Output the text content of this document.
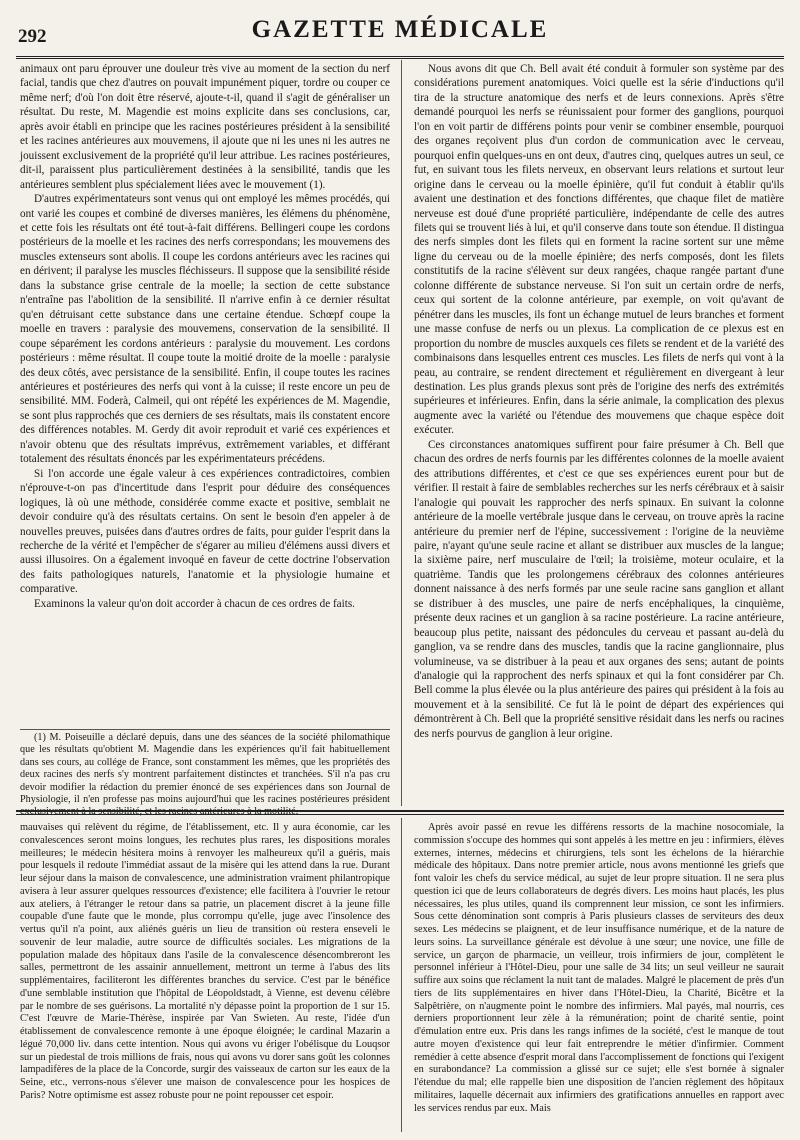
292	GAZETTE MÉDICALE

animaux ont paru éprouver une douleur très vive au moment de la section du nerf facial, tandis que chez d'autres on pouvait impunément piquer, tordre ou couper ce même nerf; d'où l'on doit être réservé, ajoute-t-il, quand il s'agit de généraliser un résultat. Du reste, M. Magendie est moins explicite dans ses conclusions, car, après avoir établi en principe que les racines postérieures président à la sensibilité et les racines antérieures aux mouvemens, il ajoute que ni les unes ni les autres ne jouissent exclusivement de la propriété qu'il leur attribue. Les racines postérieures, dit-il, paraissent plus particulièrement destinées à la sensibilité, tandis que les antérieures semblent plus spécialement liées avec le mouvement (1).

D'autres expérimentateurs sont venus qui ont employé les mêmes procédés, qui ont varié les coupes et combiné de diverses manières, les élémens du phénomène, et cette fois les résultats ont été tout-à-fait différens. Bellingeri coupe les cordons postérieurs de la moelle et les racines des nerfs correspondans; les mouvemens des muscles extenseurs sont abolis. Il coupe les cordons antérieurs avec les racines qui en dérivent; il paralyse les muscles fléchisseurs. Il suppose que la sensibilité réside dans la substance grise centrale de la moelle; la section de cette substance n'entraîne pas l'abolition de la sensibilité. Il n'arrive enfin à ce dernier résultat qu'en détruisant cette substance dans une certaine étendue. Schœpf coupe la moelle en travers : paralysie des mouvemens, conservation de la sensibilité. Il coupe séparément les cordons antérieurs : paralysie du mouvement. Les cordons postérieurs : même résultat. Il coupe toute la moitié droite de la moelle : paralysie des deux côtés, avec persistance de la sensibilité. Enfin, il coupe toutes les racines antérieures et postérieures des nerfs qui vont à la cuisse; il reste encore un peu de sensibilité. MM. Foderà, Calmeil, qui ont répété les expériences de M. Magendie, se sont plus rapprochés que ces derniers de ses résultats, mais ils constatent encore des différences notables. M. Gerdy dit avoir reproduit et varié ces expériences et n'avoir obtenu que des résultats imprévus, extrêmement variables, et différant totalement des résultats énoncés par les expérimentateurs précédens.

Si l'on accorde une égale valeur à ces expériences contradictoires, combien n'éprouve-t-on pas d'incertitude dans l'esprit pour déduire des conséquences logiques, là où une méthode, considérée comme exacte et positive, semblait ne devoir conduire qu'à des résultats certains. On sent le besoin d'en appeler à de nouvelles preuves, puisées dans d'autres ordres de faits, pour guider l'esprit dans la recherche de la vérité et l'empêcher de s'égarer au milieu d'élémens aussi divers et aussi illusoires. On a également invoqué en faveur de cette doctrine l'observation des faits pathologiques naturels, l'anatomie et la physiologie humaine et comparative.

Examinons la valeur qu'on doit accorder à chacun de ces ordres de faits.

(1) M. Poiseuille a déclaré depuis, dans une des séances de la société philomathique que les résultats qu'obtient M. Magendie dans les expériences qu'il fait habituellement dans ses cours, au collége de France, sont constamment les mêmes, que les propriétés des deux racines des nerfs s'y montrent parfaitement distinctes et tranchées. S'il n'a pas cru devoir modifier la rédaction du premier énoncé de ses expériences dans son Journal de Physiologie, il n'en professe pas moins aujourd'hui que les racines postérieures président exclusivement à la sensibilité, et les racines antérieures à la motilité.

Nous avons dit que Ch. Bell avait été conduit à formuler son système par des considérations purement anatomiques. Voici quelle est la série d'inductions qu'il tira de la structure anatomique des nerfs et de leurs connexions. Après s'être demandé pourquoi les nerfs se réunissaient pour former des ganglions, pourquoi l'on en voit partir de différens points pour venir se combiner ensemble, pourquoi des organes reçoivent plus d'un cordon de communication avec le cerveau, pourquoi enfin quelques-uns en ont deux, d'autres cinq, quelques autres un seul, ce fut, en suivant tous les filets nerveux, en observant leurs relations et surtout leur origine dans le cerveau ou la moelle épinière, qu'il fut conduit à établir qu'ils avaient une destination et des fonctions différentes, que chaque filet de matière nerveuse est doué d'une propriété particulière, indépendante de celle des autres filets qui se trouvent liés à lui, et qu'il conserve dans toute son étendue. Il distingua des nerfs simples dont les filets qui en forment la racine sortent sur une même ligne du cerveau ou de la moelle épinière; des nerfs composés, dont les filets constitutifs de la racine s'élèvent sur deux rangées, chaque rangée partant d'une colonne différente de substance nerveuse. Si l'on suit un certain ordre de nerfs, ceux qui sortent de la colonne antérieure, par exemple, on voit qu'avant de pénétrer dans les muscles, ils font un échange mutuel de leurs branches et forment une masse confuse de nerfs ou un plexus. La complication de ce plexus est en proportion du nombre de muscles auxquels ces filets se rendent et de la variété des combinaisons dans lesquelles entrent ces muscles. Les filets de nerfs qui vont à la peau, au contraire, se rendent directement et régulièrement en divergeant à leur destination. Les plus grands plexus sont près de l'origine des nerfs des extrémités supérieures et inférieures. Enfin, dans la série animale, la complication des plexus augmente avec la variété ou l'étendue des mouvemens que chaque espèce doit exécuter.

Ces circonstances anatomiques suffirent pour faire présumer à Ch. Bell que chacun des ordres de nerfs fournis par les différentes colonnes de la moelle avaient des attributions différentes, et c'est ce que ses expériences eurent pour but de vérifier. Il restait à faire de semblables recherches sur les nerfs cérébraux et à saisir l'analogie qui pouvait les rapprocher des nerfs spinaux. En suivant la colonne antérieure de la moelle vertébrale jusque dans le cerveau, on trouve après la racine antérieure du premier nerf de l'épine, successivement : l'origine de la neuvième paire, n'ayant qu'une seule racine et allant se distribuer aux muscles de la langue; la sixième paire, nerf musculaire de l'œil; la troisième, moteur oculaire, et la quatrième. Tandis que les prolongemens cérébraux des colonnes antérieures donnent naissance à des nerfs formés par une seule racine sans ganglion et allant se distribuer à des muscles, une paire de nerfs encéphaliques, la cinquième, présente deux racines et un ganglion à sa racine postérieure. La racine antérieure, beaucoup plus petite, naissant des pédoncules du cerveau et passant au-delà du ganglion, va se rendre dans des muscles, tandis que la racine ganglionnaire, plus volumineuse, va se distribuer à la peau et aux organes des sens; autant de points d'analogie qui la rapprochent des nerfs spinaux et qui la font considérer par Ch. Bell comme la plus élevée ou la plus antérieure des paires qui président à la fois au mouvement et à la sensibilité. Ce fut là le point de départ des expériences qui démontrèrent à Ch. Bell que la propriété sensitive résidait dans les nerfs ou racines des nerfs pourvus de ganglion à leur origine.

mauvaises qui relèvent du régime, de l'établissement, etc. Il y aura économie, car les convalescences seront moins longues, les rechutes plus rares, les dispositions morales meilleures; le médecin hésitera moins à renvoyer les malheureux qu'il a guéris, mais pour lesquels il redoute l'immédiat assaut de la misère qui les attend dans la rue. Durant leur séjour dans la maison de convalescence, une administration vraiment philantropique avisera à leur assurer quelques ressources d'existence; elle facilitera à l'ouvrier le retour aux ateliers, à l'étranger le retour dans sa patrie, un placement discret à la jeune fille coupable d'une faute que le monde, plus corrompu qu'elle, juge avec l'insolence des vertus qu'il n'a point, aux aliénés guéris un lieu de transition où restera enseveli le souvenir de leur maladie, autre source de difficultés sociales. Les migrations de la population malade des hôpitaux dans l'asile de la convalescence désencombreront les salles, permettront de les assainir annuellement, mettront un terme à l'abus des lits supplémentaires, faciliteront les différentes branches du service. C'est par le bénéfice d'une semblable institution que l'hôpital de Léopoldstadt, à Vienne, est devenu célèbre par le nombre de ses guérisons. La mortalité n'y dépasse point la proportion de 1 sur 15. C'est l'œuvre de Marie-Thérèse, inspirée par Van Swieten. Au reste, l'idée d'un établissement de convalescence remonte à une époque éloignée; le cardinal Mazarin a légué 70,000 liv. dans cette intention. Nous qui avons vu ériger l'obélisque du Louqsor sur un piedestal de trois millions de frais, nous qui avons vu dorer sans goût les colonnes lampadifères de la place de la Concorde, surgir des vaisseaux de carton sur les eaux de la Seine, etc., verrons-nous s'élever une maison de convalescence pour les hospices de Paris? Notre optimisme est assez robuste pour ne point repousser cet espoir.

Après avoir passé en revue les différens ressorts de la machine nosocomiale, la commission s'occupe des hommes qui sont appelés à les mettre en jeu : infirmiers, élèves externes, internes, médecins et chirurgiens, tels sont les échelons de la hiérarchie médicale des hôpitaux. Dans notre premier article, nous avons mentionné les griefs que font valoir les chefs du service médical, au sujet de leur propre situation. Il ne sera plus question ici que de leurs collaborateurs de degrés divers. Les moins haut placés, les plus nécessaires, les plus utiles, quand ils comprennent leur mission, ce sont les infirmiers. Sous cette dénomination sont compris à Paris plusieurs classes de serviteurs des deux sexes. Les médecins se plaignent, et de leur insuffisance numérique, et de la nature de leurs soins. La surveillance générale est dévolue à une sœur; une novice, une fille de service, un garçon de pharmacie, un veilleur, trois infirmiers de jour, complètent le personnel inférieur à l'Hôtel-Dieu, pour une salle de 34 lits; un seul veilleur ne saurait suffire aux soins que réclament la nuit tant de malades. Malgré le placement de près d'un tiers de lits supplémentaires en hiver dans l'Hôtel-Dieu, la Charité, Bicêtre et la Salpêtrière, on n'augmente point le nombre des infirmiers. Mal payés, mal nourris, ces derniers proportionnent leur zèle à la rémunération; point de charité sentie, point d'émulation entre eux. Pris dans les rangs infimes de la société, c'est le manque de tout autre moyen d'existence qui leur fait entreprendre le métier d'infirmier. Comment remédier à cette absence d'esprit moral dans l'accomplissement de fonctions qui l'exigent en surabondance? La commission a glissé sur ce sujet; elle s'est bornée à signaler l'étendue du mal; elle rappelle bien une disposition de l'ancien règlement des hôpitaux militaires, laquelle décernait aux infirmiers des gratifications annuelles en rapport avec les services rendus par eux. Mais
